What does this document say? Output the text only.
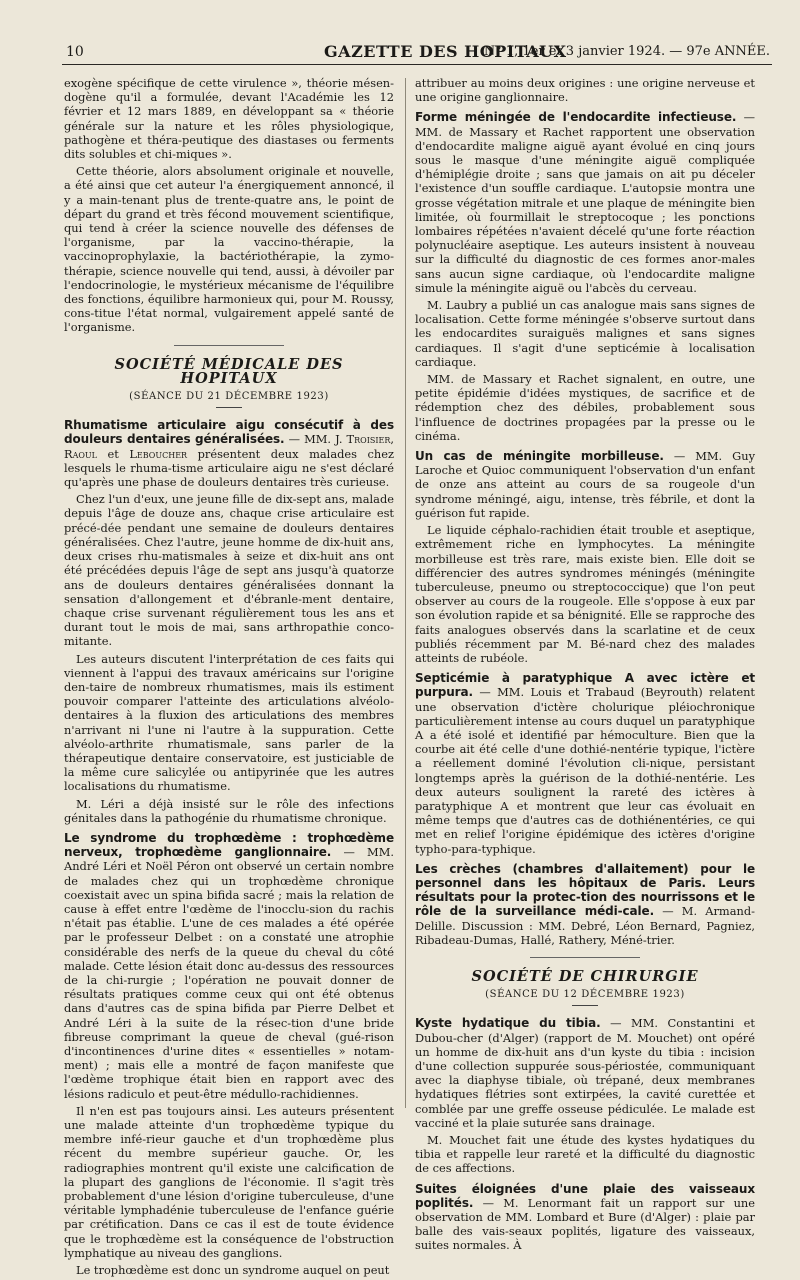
10	GAZETTE DES HOPITAUX
N° 1, 1er et 3 janvier 1924. — 97e ANNÉE.

exogène spécifique de cette virulence », théorie mésen-dogène qu'il a formulée, devant l'Académie les 12 février et 12 mars 1889, en développant sa « théorie générale sur la nature et les rôles physiologique, pathogène et théra-peutique des diastases ou ferments dits solubles et chi-miques ».

Cette théorie, alors absolument originale et nouvelle, a été ainsi que cet auteur l'a énergiquement annoncé, il y a main-tenant plus de trente-quatre ans, le point de départ du grand et très fécond mouvement scientifique, qui tend à créer la science nouvelle des défenses de l'organisme, par la vaccino-thérapie, la vaccinoprophylaxie, la bactériothérapie, la zymo-thérapie, science nouvelle qui tend, aussi, à dévoiler par l'endocrinologie, le mystérieux mécanisme de l'équilibre des fonctions, équilibre harmonieux qui, pour M. Roussy, cons-titue l'état normal, vulgairement appelé santé de l'organisme.

SOCIÉTÉ MÉDICALE DES HOPITAUX
(SÉANCE DU 21 DÉCEMBRE 1923)

Rhumatisme articulaire aigu consécutif à des douleurs dentaires généralisées. — MM. J. Troisier, Raoul et Leboucher présentent deux malades chez lesquels le rhuma-tisme articulaire aigu ne s'est déclaré qu'après une phase de douleurs dentaires très curieuse.

Chez l'un d'eux, une jeune fille de dix-sept ans, malade depuis l'âge de douze ans, chaque crise articulaire est précé-dée pendant une semaine de douleurs dentaires généralisées. Chez l'autre, jeune homme de dix-huit ans, deux crises rhu-matismales à seize et dix-huit ans ont été précédées depuis l'âge de sept ans jusqu'à quatorze ans de douleurs dentaires généralisées donnant la sensation d'allongement et d'ébranle-ment dentaire, chaque crise survenant régulièrement tous les ans et durant tout le mois de mai, sans arthropathie conco-mitante.

Les auteurs discutent l'interprétation de ces faits qui viennent à l'appui des travaux américains sur l'origine den-taire de nombreux rhumatismes, mais ils estiment pouvoir comparer l'atteinte des articulations alvéolo-dentaires à la fluxion des articulations des membres n'arrivant ni l'une ni l'autre à la suppuration. Cette alvéolo-arthrite rhumatismale, sans parler de la thérapeutique dentaire conservatoire, est justiciable de la même cure salicylée ou antipyrinée que les autres localisations du rhumatisme.

M. Léri a déjà insisté sur le rôle des infections génitales dans la pathogénie du rhumatisme chronique.

Le syndrome du trophœdème : trophœdème nerveux, trophœdème ganglionnaire. — MM. André Léri et Noël Péron ont observé un certain nombre de malades chez qui un trophœdème chronique coexistait avec un spina bifida sacré ; mais la relation de cause à effet entre l'œdème de l'inocclu-sion du rachis n'était pas établie. L'une de ces malades a été opérée par le professeur Delbet : on a constaté une atrophie considérable des nerfs de la queue du cheval du côté malade. Cette lésion était donc au-dessus des ressources de la chi-rurgie ; l'opération ne pouvait donner de résultats pratiques comme ceux qui ont été obtenus dans d'autres cas de spina bifida par Pierre Delbet et André Léri à la suite de la résec-tion d'une bride fibreuse comprimant la queue de cheval (gué-rison d'incontinences d'urine dites « essentielles » notam-ment) ; mais elle a montré de façon manifeste que l'œdème trophique était bien en rapport avec des lésions radiculo et peut-être médullo-rachidiennes.

Il n'en est pas toujours ainsi. Les auteurs présentent une malade atteinte d'un trophœdème typique du membre infé-rieur gauche et d'un trophœdème plus récent du membre supérieur gauche. Or, les radiographies montrent qu'il existe une calcification de la plupart des ganglions de l'économie. Il s'agit très probablement d'une lésion d'origine tuberculeuse, d'une véritable lymphadénie tuberculeuse de l'enfance guérie par crétification. Dans ce cas il est de toute évidence que le trophœdème est la conséquence de l'obstruction lymphatique au niveau des ganglions.

Le trophœdème est donc un syndrome auquel on peut

attribuer au moins deux origines : une origine nerveuse et une origine ganglionnaire.

Forme méningée de l'endocardite infectieuse. — MM. de Massary et Rachet rapportent une observation d'endocardite maligne aiguë ayant évolué en cinq jours sous le masque d'une méningite aiguë compliquée d'hémiplégie droite ; sans que jamais on ait pu déceler l'existence d'un souffle cardiaque. L'autopsie montra une grosse végétation mitrale et une plaque de méningite bien limitée, où fourmillait le streptocoque ; les ponctions lombaires répétées n'avaient décelé qu'une forte réaction polynucléaire aseptique. Les auteurs insistent à nouveau sur la difficulté du diagnostic de ces formes anor-males sans aucun signe cardiaque, où l'endocardite maligne simule la méningite aiguë ou l'abcès du cerveau.

M. Laubry a publié un cas analogue mais sans signes de localisation. Cette forme méningée s'observe surtout dans les endocardites suraiguës malignes et sans signes cardiaques. Il s'agit d'une septicémie à localisation cardiaque.

MM. de Massary et Rachet signalent, en outre, une petite épidémie d'idées mystiques, de sacrifice et de rédemption chez des débiles, probablement sous l'influence de doctrines propagées par la presse ou le cinéma.

Un cas de méningite morbilleuse. — MM. Guy Laroche et Quioc communiquent l'observation d'un enfant de onze ans atteint au cours de sa rougeole d'un syndrome méningé, aigu, intense, très fébrile, et dont la guérison fut rapide.

Le liquide céphalo-rachidien était trouble et aseptique, extrêmement riche en lymphocytes. La méningite morbilleuse est très rare, mais existe bien. Elle doit se différencier des autres syndromes méningés (méningite tuberculeuse, pneumo ou streptococcique) que l'on peut observer au cours de la rougeole. Elle s'oppose à eux par son évolution rapide et sa bénignité. Elle se rapproche des faits analogues observés dans la scarlatine et de ceux publiés récemment par M. Bé-nard chez des malades atteints de rubéole.

Septicémie à paratyphique A avec ictère et purpura. — MM. Louis et Trabaud (Beyrouth) relatent une observation d'ictère cholurique pléiochronique particulièrement intense au cours duquel un paratyphique A a été isolé et identifié par hémoculture. Bien que la courbe ait été celle d'une dothié-nentérie typique, l'ictère a réellement dominé l'évolution cli-nique, persistant longtemps après la guérison de la dothié-nentérie. Les deux auteurs soulignent la rareté des ictères à paratyphique A et montrent que leur cas évoluait en même temps que d'autres cas de dothiénentéries, ce qui met en relief l'origine épidémique des ictères d'origine typho-para-typhique.

Les crèches (chambres d'allaitement) pour le personnel dans les hôpitaux de Paris. Leurs résultats pour la protec-tion des nourrissons et le rôle de la surveillance médi-cale. — M. Armand-Delille. Discussion : MM. Debré, Léon Bernard, Pagniez, Ribadeau-Dumas, Hallé, Rathery, Méné-trier.

SOCIÉTÉ DE CHIRURGIE
(SÉANCE DU 12 DÉCEMBRE 1923)

Kyste hydatique du tibia. — MM. Constantini et Dubou-cher (d'Alger) (rapport de M. Mouchet) ont opéré un homme de dix-huit ans d'un kyste du tibia : incision d'une collection suppurée sous-périostée, communiquant avec la diaphyse tibiale, où trépané, deux membranes hydatiques flétries sont extirpées, la cavité curettée et comblée par une greffe osseuse pédiculée. Le malade est vacciné et la plaie suturée sans drainage.

M. Mouchet fait une étude des kystes hydatiques du tibia et rappelle leur rareté et la difficulté du diagnostic de ces affections.

Suites éloignées d'une plaie des vaisseaux poplités. — M. Lenormant fait un rapport sur une observation de MM. Lombard et Bure (d'Alger) : plaie par balle des vais-seaux poplités, ligature des vaisseaux, suites normales. À
